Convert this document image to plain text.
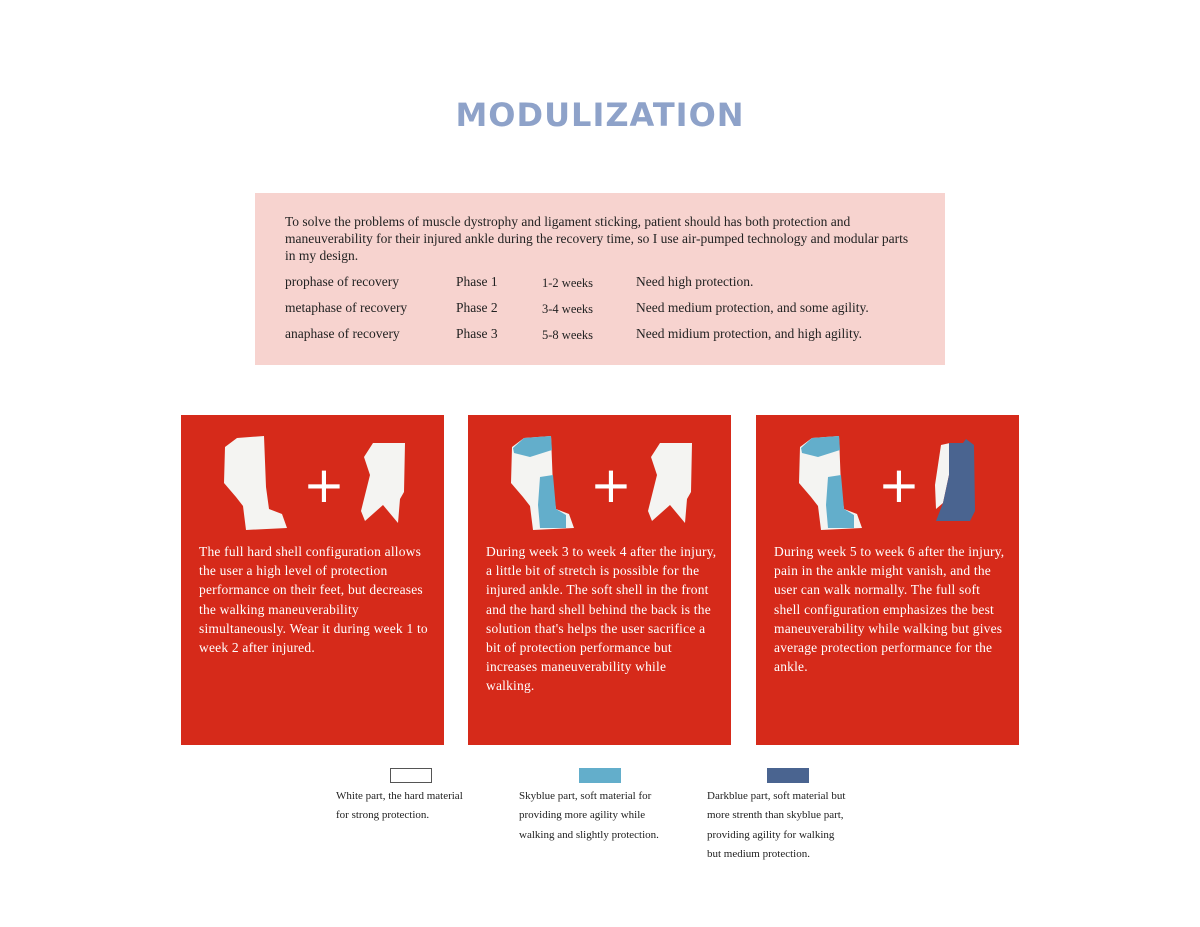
MODULIZATION

To solve the problems of muscle dystrophy and ligament sticking, patient should has both protection and maneuverability for their injured ankle during the recovery time, so I use air-pumped technology and modular parts in my design.

prophase of recovery	Phase 1	1-2 weeks	Need high protection.
metaphase of recovery	Phase 2	3-4 weeks	Need medium protection, and some agility.
anaphase of recovery	Phase 3	5-8 weeks	Need midium protection, and high agility.
+
The full hard shell configuration allows the user a high level of protection performance on their feet, but decreases the walking maneuverability simultaneously. Wear it during week 1 to week 2 after injured.
+
During week 3 to week 4 after the injury, a little bit of stretch is possible for the injured ankle. The soft shell in the front and the hard shell behind the back is the solution that's helps the user sacrifice a bit of protection performance but increases maneuverability while walking.
+
During week 5 to week 6 after the injury, pain in the ankle might vanish, and the user can walk normally. The full soft shell configuration emphasizes the best maneuverability while walking but gives average protection performance for the ankle.
White part, the hard material
for strong protection.
Skyblue part, soft material for
providing more agility while
walking and slightly protection.
Darkblue part, soft material but
more strenth than skyblue part,
providing agility for walking
but medium protection.
